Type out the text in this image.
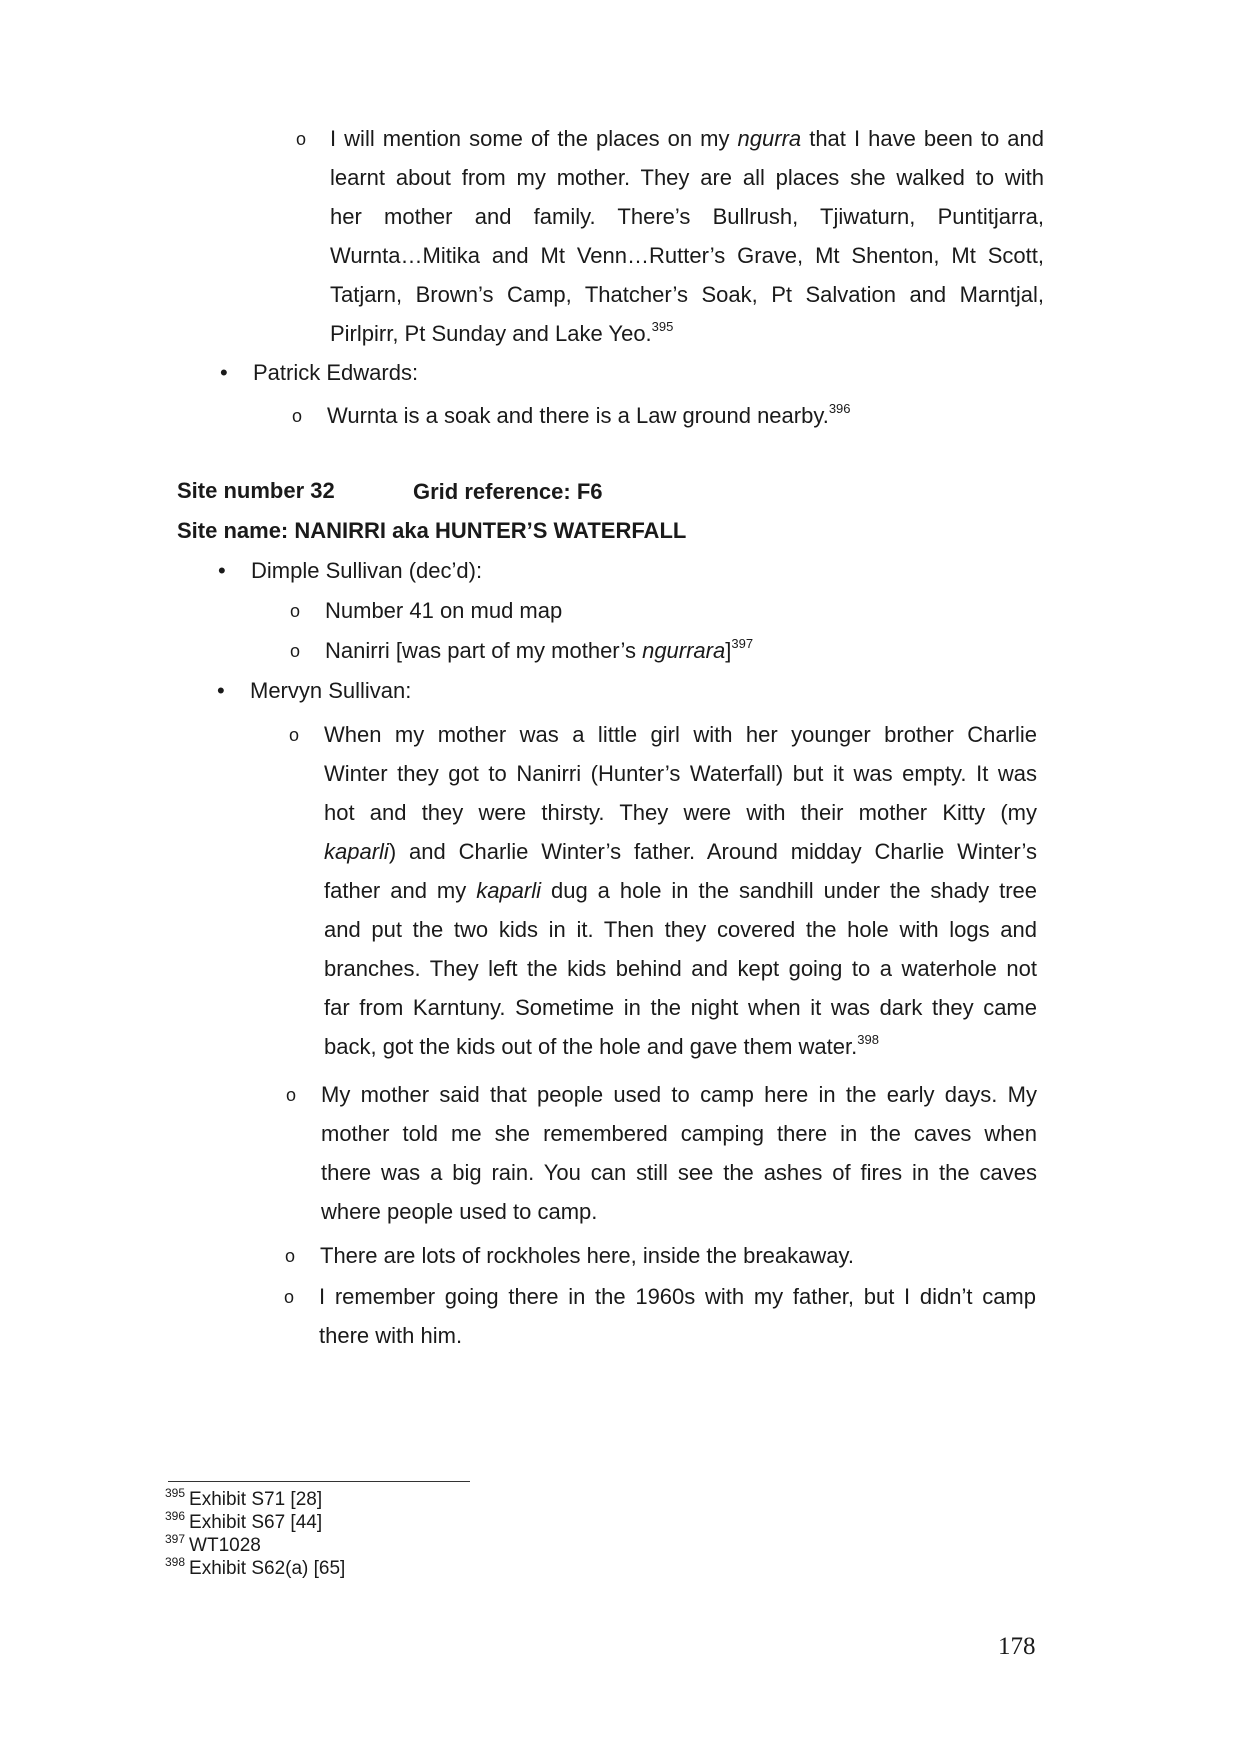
o I will mention some of the places on my ngurra that I have been to and
learnt about from my mother. They are all places she walked to with
her mother and family. There’s Bullrush, Tjiwaturn, Puntitjarra,
Wurnta…Mitika and Mt Venn…Rutter’s Grave, Mt Shenton, Mt Scott,
Tatjarn, Brown’s Camp, Thatcher’s Soak, Pt Salvation and Marntjal,
Pirlpirr, Pt Sunday and Lake Yeo.$^{395}$
• Patrick Edwards:
o Wurnta is a soak and there is a Law ground nearby.$^{396}$
Site number 32	Grid reference: F6
Site name: NANIRRI aka HUNTER’S WATERFALL
• Dimple Sullivan (dec’d):
o Number 41 on mud map
o Nanirri [was part of my mother’s ngurrara]$^{397}$
• Mervyn Sullivan:
o When my mother was a little girl with her younger brother Charlie
Winter they got to Nanirri (Hunter’s Waterfall) but it was empty. It was
hot and they were thirsty. They were with their mother Kitty (my
kaparli) and Charlie Winter’s father. Around midday Charlie Winter’s
father and my kaparli dug a hole in the sandhill under the shady tree
and put the two kids in it. Then they covered the hole with logs and
branches. They left the kids behind and kept going to a waterhole not
far from Karntuny. Sometime in the night when it was dark they came
back, got the kids out of the hole and gave them water.$^{398}$
o My mother said that people used to camp here in the early days. My
mother told me she remembered camping there in the caves when
there was a big rain. You can still see the ashes of fires in the caves
where people used to camp.
o There are lots of rockholes here, inside the breakaway.
o I remember going there in the 1960s with my father, but I didn’t camp
there with him.
$^{395}$ Exhibit S71 [28]
$^{396}$ Exhibit S67 [44]
$^{397}$ WT1028
$^{398}$ Exhibit S62(a) [65]
178
